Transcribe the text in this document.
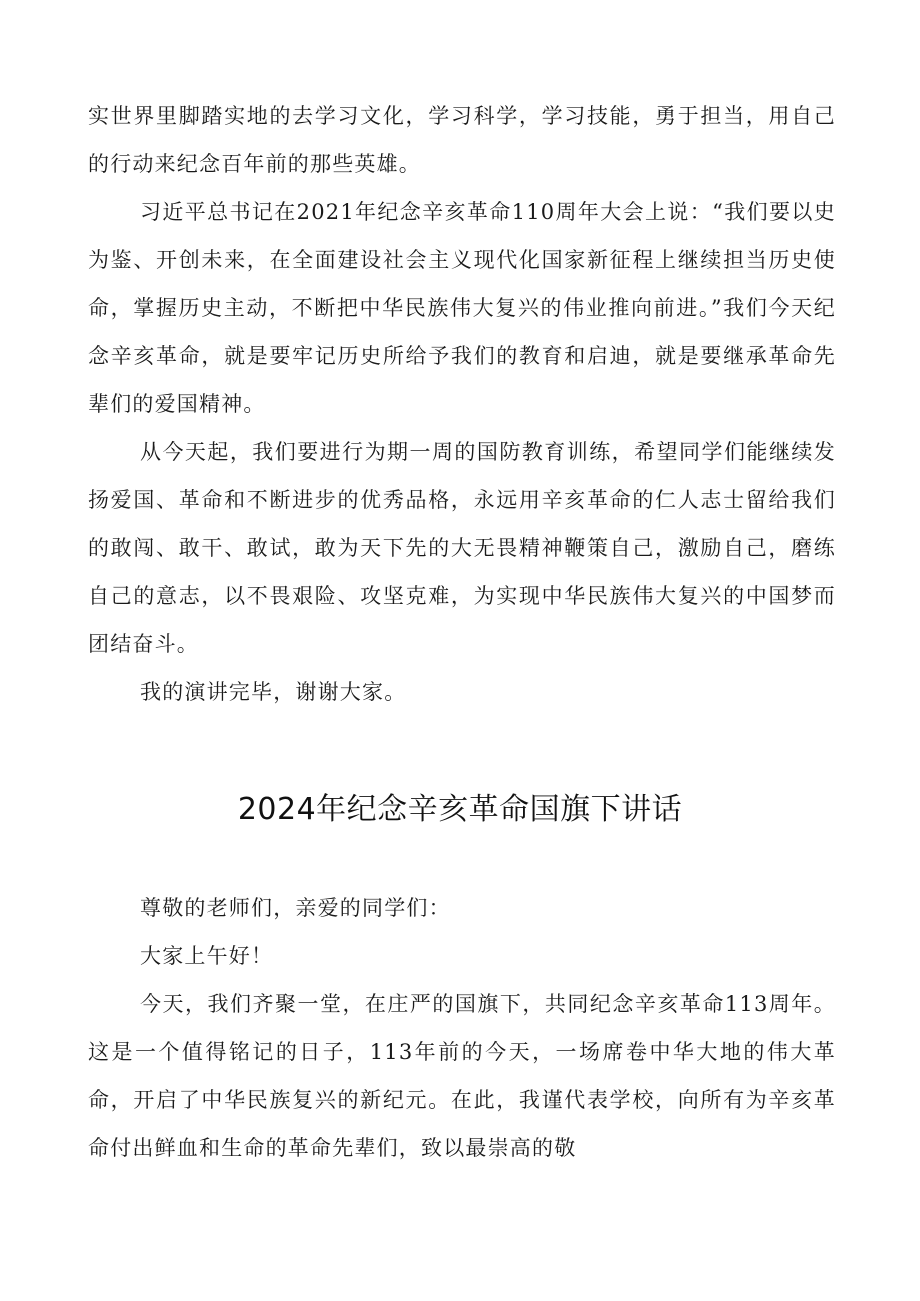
实世界里脚踏实地的去学习文化，学习科学，学习技能，勇于担当，用自己的行动来纪念百年前的那些英雄。

习近平总书记在2021年纪念辛亥革命110周年大会上说：“我们要以史为鉴、开创未来，在全面建设社会主义现代化国家新征程上继续担当历史使命，掌握历史主动，不断把中华民族伟大复兴的伟业推向前进。”我们今天纪念辛亥革命，就是要牢记历史所给予我们的教育和启迪，就是要继承革命先辈们的爱国精神。

从今天起，我们要进行为期一周的国防教育训练，希望同学们能继续发扬爱国、革命和不断进步的优秀品格，永远用辛亥革命的仁人志士留给我们的敢闯、敢干、敢试，敢为天下先的大无畏精神鞭策自己，激励自己，磨练自己的意志，以不畏艰险、攻坚克难，为实现中华民族伟大复兴的中国梦而团结奋斗。

我的演讲完毕，谢谢大家。

2024年纪念辛亥革命国旗下讲话

尊敬的老师们，亲爱的同学们：

大家上午好！

今天，我们齐聚一堂，在庄严的国旗下，共同纪念辛亥革命113周年。这是一个值得铭记的日子，113年前的今天，一场席卷中华大地的伟大革命，开启了中华民族复兴的新纪元。在此，我谨代表学校，向所有为辛亥革命付出鲜血和生命的革命先辈们，致以最崇高的敬
